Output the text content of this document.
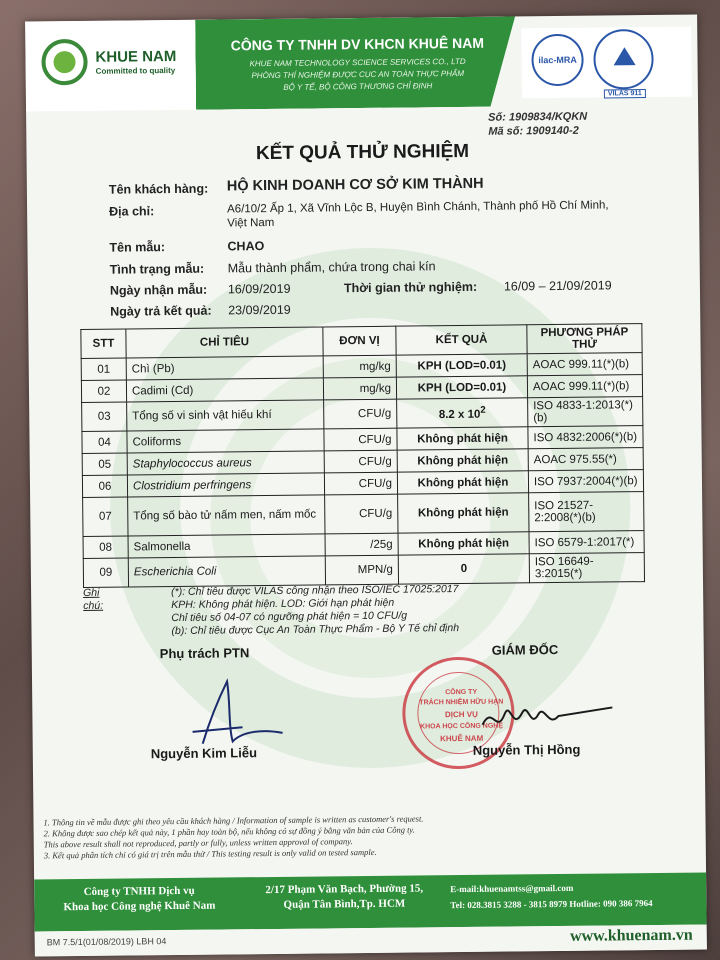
KHUE NAM
Committed to quality
CÔNG TY TNHH DV KHCN KHUÊ NAM
KHUE NAM TECHNOLOGY SCIENCE SERVICES CO., LTD
PHÒNG THÍ NGHIỆM ĐƯỢC CỤC AN TOÀN THỰC PHẨM
BỘ Y TẾ, BỘ CÔNG THƯƠNG CHỈ ĐỊNH
ilac-MRA
VILAS 911
Số: 1909834/KQKN
Mã số: 1909140-2
KẾT QUẢ THỬ NGHIỆM
Tên khách hàng: HỘ KINH DOANH CƠ SỞ KIM THÀNH
Địa chỉ:	A6/10/2 Ấp 1, Xã Vĩnh Lộc B, Huyện Bình Chánh, Thành phố Hồ Chí Minh,
Việt Nam
Tên mẫu:	CHAO
Tình trạng mẫu: Mẫu thành phẩm, chứa trong chai kín
Ngày nhận mẫu: 16/09/2019	Thời gian thử nghiệm: 16/09 – 21/09/2019
Ngày trả kết quả: 23/09/2019
STT	CHỈ TIÊU	ĐƠN VỊ	KẾT QUẢ	PHƯƠNG PHÁP THỬ
01	Chì (Pb)	mg/kg	KPH (LOD=0.01)	AOAC 999.11(*)(b)
02	Cadimi (Cd)	mg/kg	KPH (LOD=0.01)	AOAC 999.11(*)(b)
03	Tổng số vi sinh vật hiếu khí	CFU/g	8.2 x $10^2$	ISO 4833-1:2013(*)(b)
04	Coliforms	CFU/g	Không phát hiện	ISO 4832:2006(*)(b)
05	Staphylococcus aureus	CFU/g	Không phát hiện	AOAC 975.55(*)
06	Clostridium perfringens	CFU/g	Không phát hiện	ISO 7937:2004(*)(b)
07	Tổng số bào tử nấm men, nấm mốc	CFU/g	Không phát hiện	ISO 21527-2:2008(*)(b)
08	Salmonella	/25g	Không phát hiện	ISO 6579-1:2017(*)
09	Escherichia Coli	MPN/g	0	ISO 16649-3:2015(*)
Ghi chú:
(*): Chỉ tiêu được VILAS công nhận theo ISO/IEC 17025:2017
KPH: Không phát hiện. LOD: Giới hạn phát hiện
Chỉ tiêu số 04-07 có ngưỡng phát hiện = 10 CFU/g
(b): Chỉ tiêu được Cục An Toàn Thực Phẩm - Bộ Y Tế chỉ định
Phụ trách PTN	GIÁM ĐỐC
CÔNG TY
TRÁCH NHIỆM HỮU HẠN
DỊCH VỤ
KHOA HỌC CÔNG NGHỆ
KHUÊ NAM
Nguyễn Kim Liễu	Nguyễn Thị Hồng
1. Thông tin về mẫu được ghi theo yêu cầu khách hàng / Information of sample is written as customer's request.
2. Không được sao chép kết quả này, 1 phần hay toàn bộ, nếu không có sự đồng ý bằng văn bản của Công ty.
This above result shall not reproduced, partly or fully, unless written approval of company.
3. Kết quả phân tích chỉ có giá trị trên mẫu thử / This testing result is only valid on tested sample.
Công ty TNHH Dịch vụ
Khoa học Công nghệ Khuê Nam
2/17 Phạm Văn Bạch, Phường 15,
Quận Tân Bình,Tp. HCM
E-mail:khuenamtss@gmail.com
Tel: 028.3815 3288 - 3815 8979 Hotline: 090 386 7964
BM 7.5/1(01/08/2019) LBH 04	www.khuenam.vn
